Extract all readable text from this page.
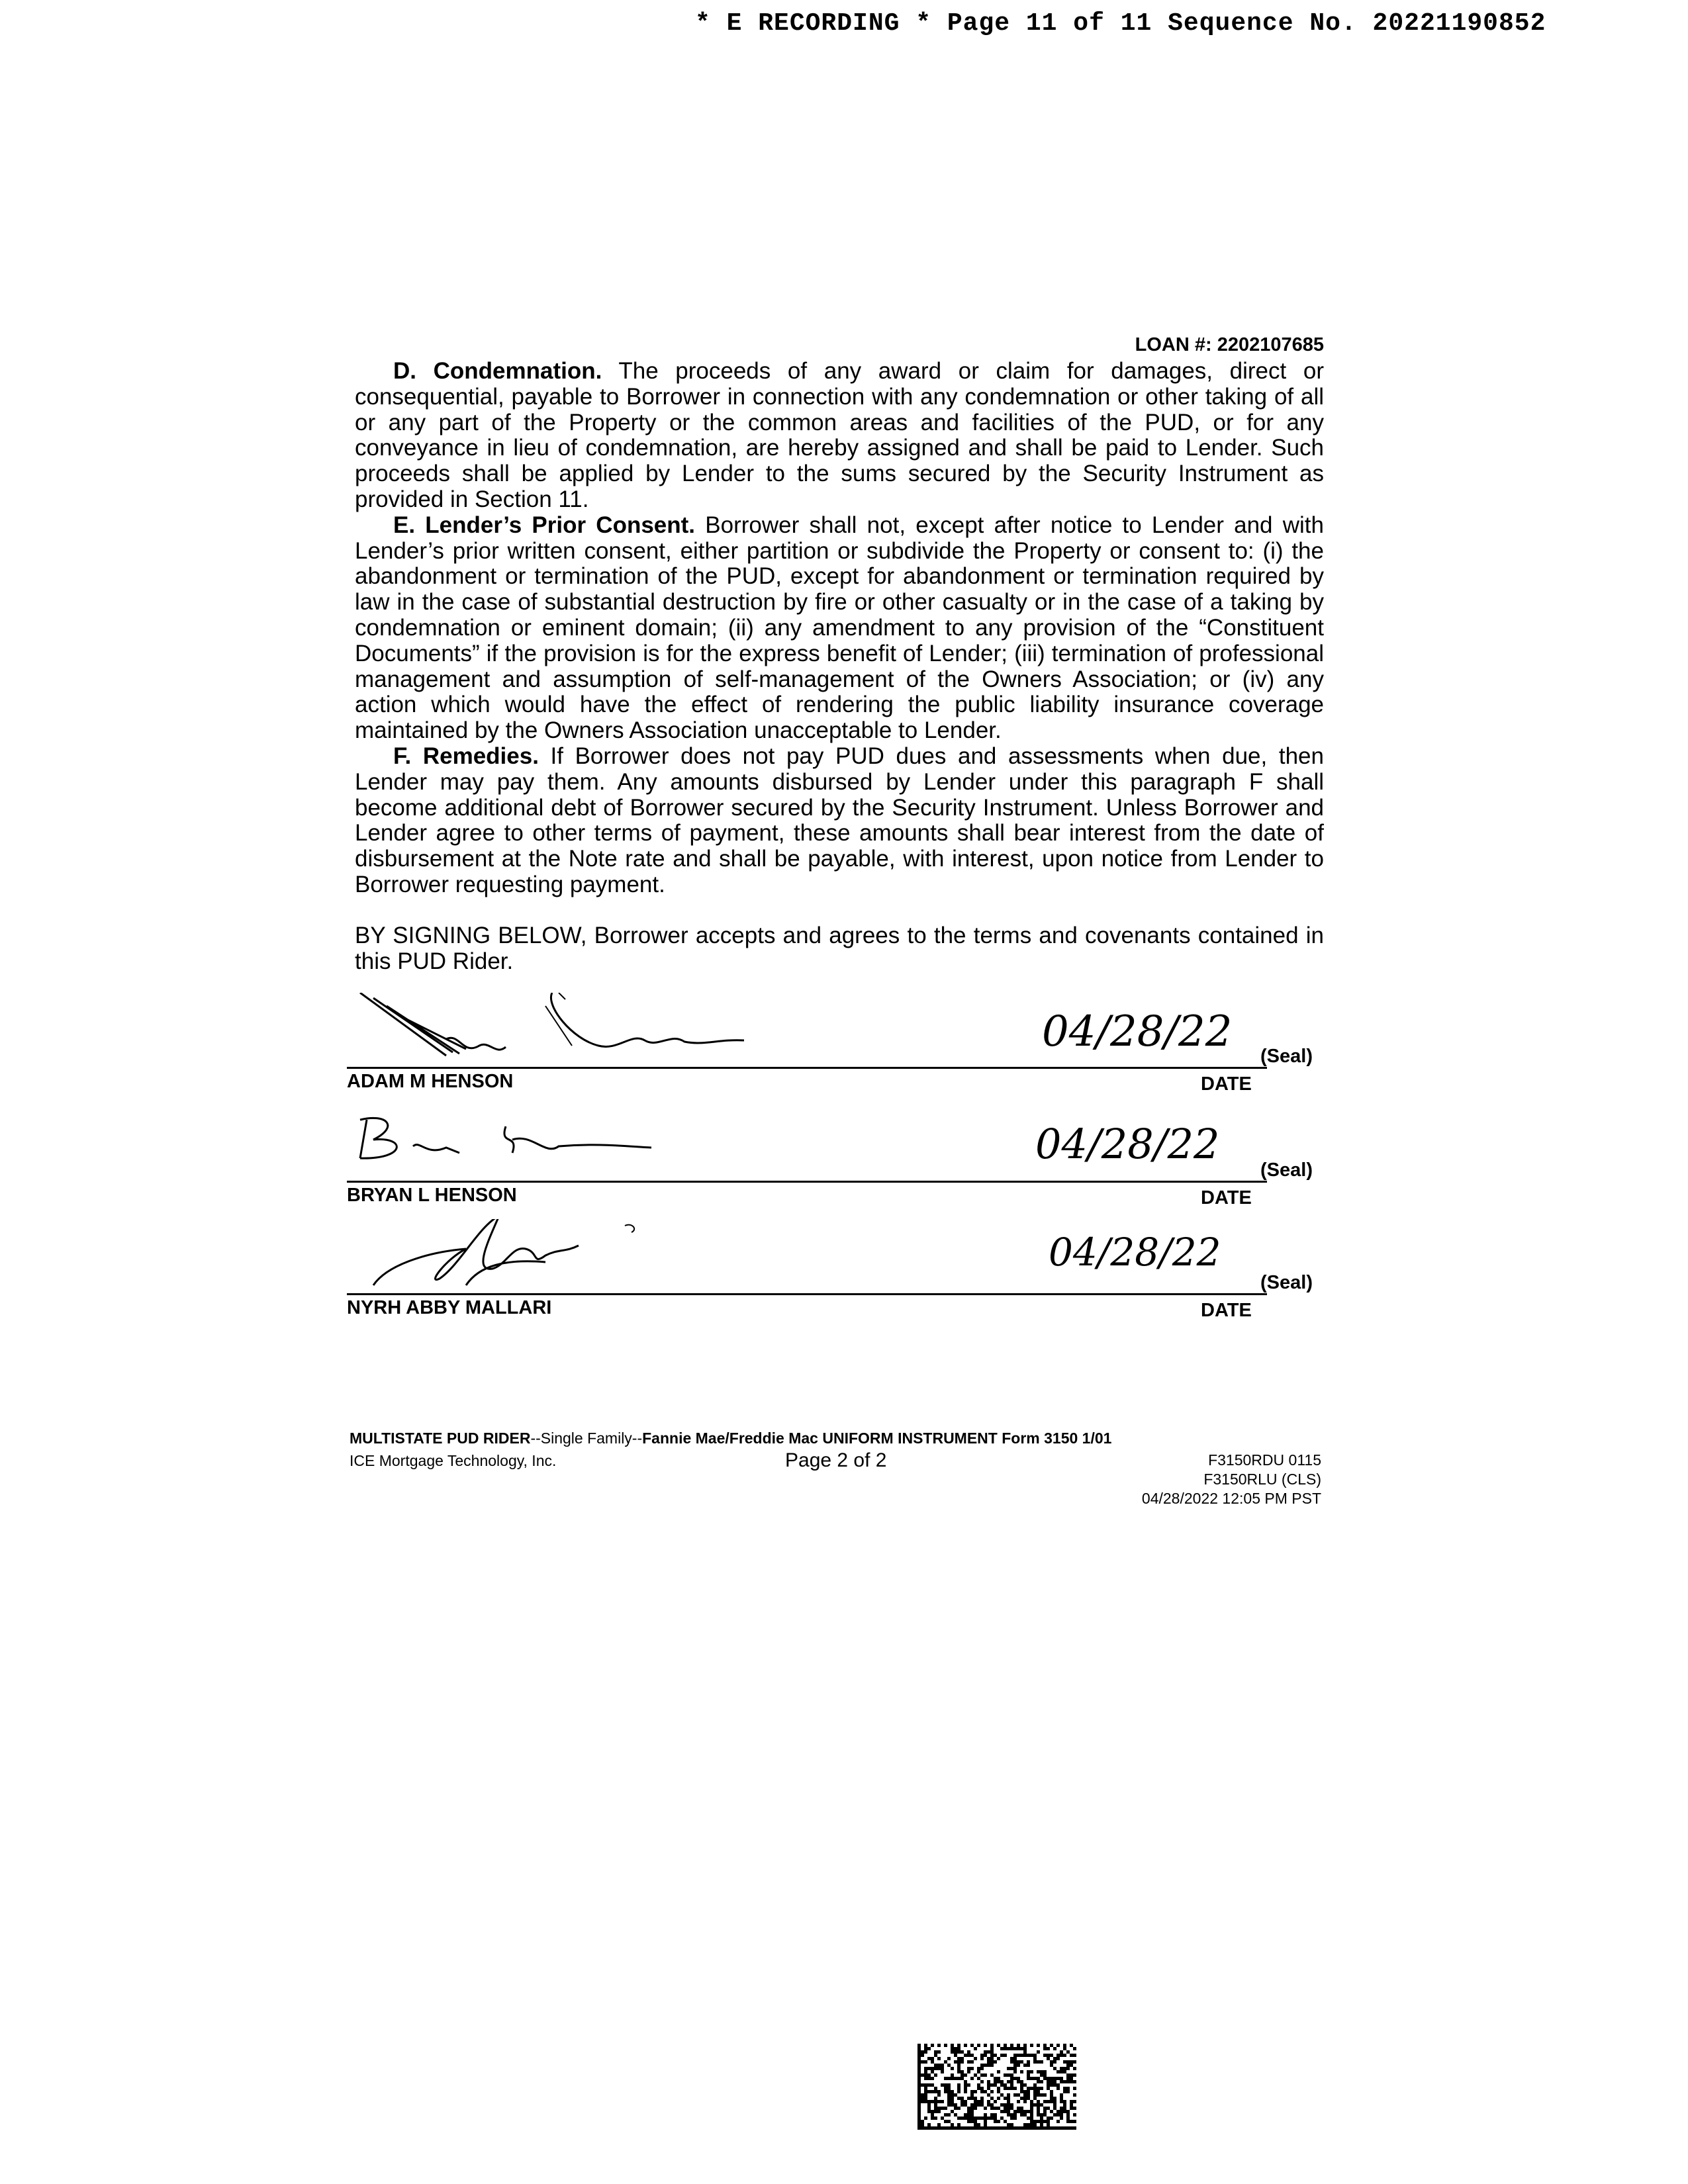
* E RECORDING * Page 11 of 11 Sequence No. 20221190852
LOAN #: 2202107685

D. Condemnation. The proceeds of any award or claim for damages, direct or consequential, payable to Borrower in connection with any condemnation or other taking of all or any part of the Property or the common areas and facilities of the PUD, or for any conveyance in lieu of condemnation, are hereby assigned and shall be paid to Lender. Such proceeds shall be applied by Lender to the sums secured by the Security Instrument as provided in Section 11.

E. Lender’s Prior Consent. Borrower shall not, except after notice to Lender and with Lender’s prior written consent, either partition or subdivide the Property or consent to: (i) the abandonment or termination of the PUD, except for abandonment or termination required by law in the case of substantial destruction by fire or other casualty or in the case of a taking by condemnation or eminent domain; (ii) any amendment to any provision of the “Constituent Documents” if the provision is for the express benefit of Lender; (iii) termination of professional management and assumption of self-management of the Owners Association; or (iv) any action which would have the effect of rendering the public liability insurance coverage maintained by the Owners Association unacceptable to Lender.

F. Remedies. If Borrower does not pay PUD dues and assessments when due, then Lender may pay them. Any amounts disbursed by Lender under this paragraph F shall become additional debt of Borrower secured by the Security Instrument. Unless Borrower and Lender agree to other terms of payment, these amounts shall bear interest from the date of disbursement at the Note rate and shall be payable, with interest, upon notice from Lender to Borrower requesting payment.

BY SIGNING BELOW, Borrower accepts and agrees to the terms and covenants contained in this PUD Rider.

04/28/22 (Seal)
ADAM M HENSON	DATE
04/28/22
(Seal)
BRYAN L HENSON	DATE
04/28/22
(Seal)
NYRH ABBY MALLARI	DATE
MULTISTATE PUD RIDER--Single Family--Fannie Mae/Freddie Mac UNIFORM INSTRUMENT Form 3150 1/01
ICE Mortgage Technology, Inc.	Page 2 of 2	F3150RDU 0115
F3150RLU (CLS)
04/28/2022 12:05 PM PST
